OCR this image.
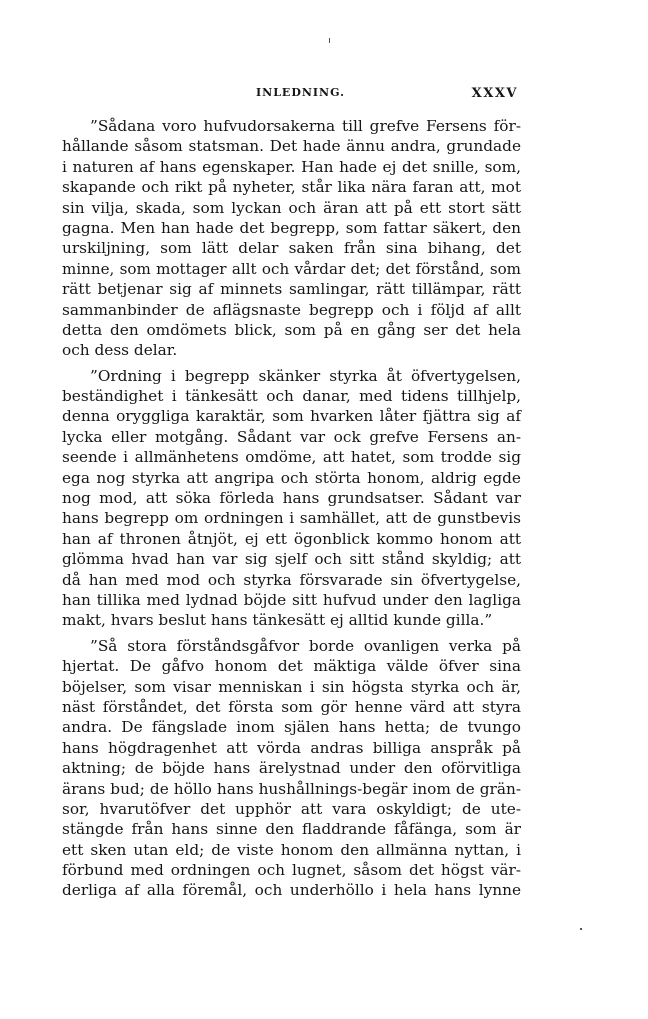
INLEDNING.	XXXV
”Sådana voro hufvudorsakerna till grefve Fersens för-
hållande såsom statsman. Det hade ännu andra, grundade
i naturen af hans egenskaper. Han hade ej det snille, som,
skapande och rikt på nyheter, står lika nära faran att, mot
sin vilja, skada, som lyckan och äran att på ett stort sätt
gagna. Men han hade det begrepp, som fattar säkert, den
urskiljning, som lätt delar saken från sina bihang, det
minne, som mottager allt och vårdar det; det förstånd, som
rätt betjenar sig af minnets samlingar, rätt tillämpar, rätt
sammanbinder de aflägsnaste begrepp och i följd af allt
detta den omdömets blick, som på en gång ser det hela
och dess delar.
”Ordning i begrepp skänker styrka åt öfvertygelsen,
beständighet i tänkesätt och danar, med tidens tillhjelp,
denna oryggliga karaktär, som hvarken låter fjättra sig af
lycka eller motgång. Sådant var ock grefve Fersens an-
seende i allmänhetens omdöme, att hatet, som trodde sig
ega nog styrka att angripa och störta honom, aldrig egde
nog mod, att söka förleda hans grundsatser. Sådant var
hans begrepp om ordningen i samhället, att de gunstbevis
han af thronen åtnjöt, ej ett ögonblick kommo honom att
glömma hvad han var sig sjelf och sitt stånd skyldig; att
då han med mod och styrka försvarade sin öfvertygelse,
han tillika med lydnad böjde sitt hufvud under den lagliga
makt, hvars beslut hans tänkesätt ej alltid kunde gilla.”
”Så stora förståndsgåfvor borde ovanligen verka på
hjertat. De gåfvo honom det mäktiga välde öfver sina
böjelser, som visar menniskan i sin högsta styrka och är,
näst förståndet, det första som gör henne värd att styra
andra. De fängslade inom själen hans hetta; de tvungo
hans högdragenhet att vörda andras billiga anspråk på
aktning; de böjde hans ärelystnad under den oförvitliga
ärans bud; de höllo hans hushållnings-begär inom de grän-
sor, hvarutöfver det upphör att vara oskyldigt; de ute-
stängde från hans sinne den fladdrande fåfänga, som är
ett sken utan eld; de viste honom den allmänna nyttan, i
förbund med ordningen och lugnet, såsom det högst vär-
derliga af alla föremål, och underhöllo i hela hans lynne
